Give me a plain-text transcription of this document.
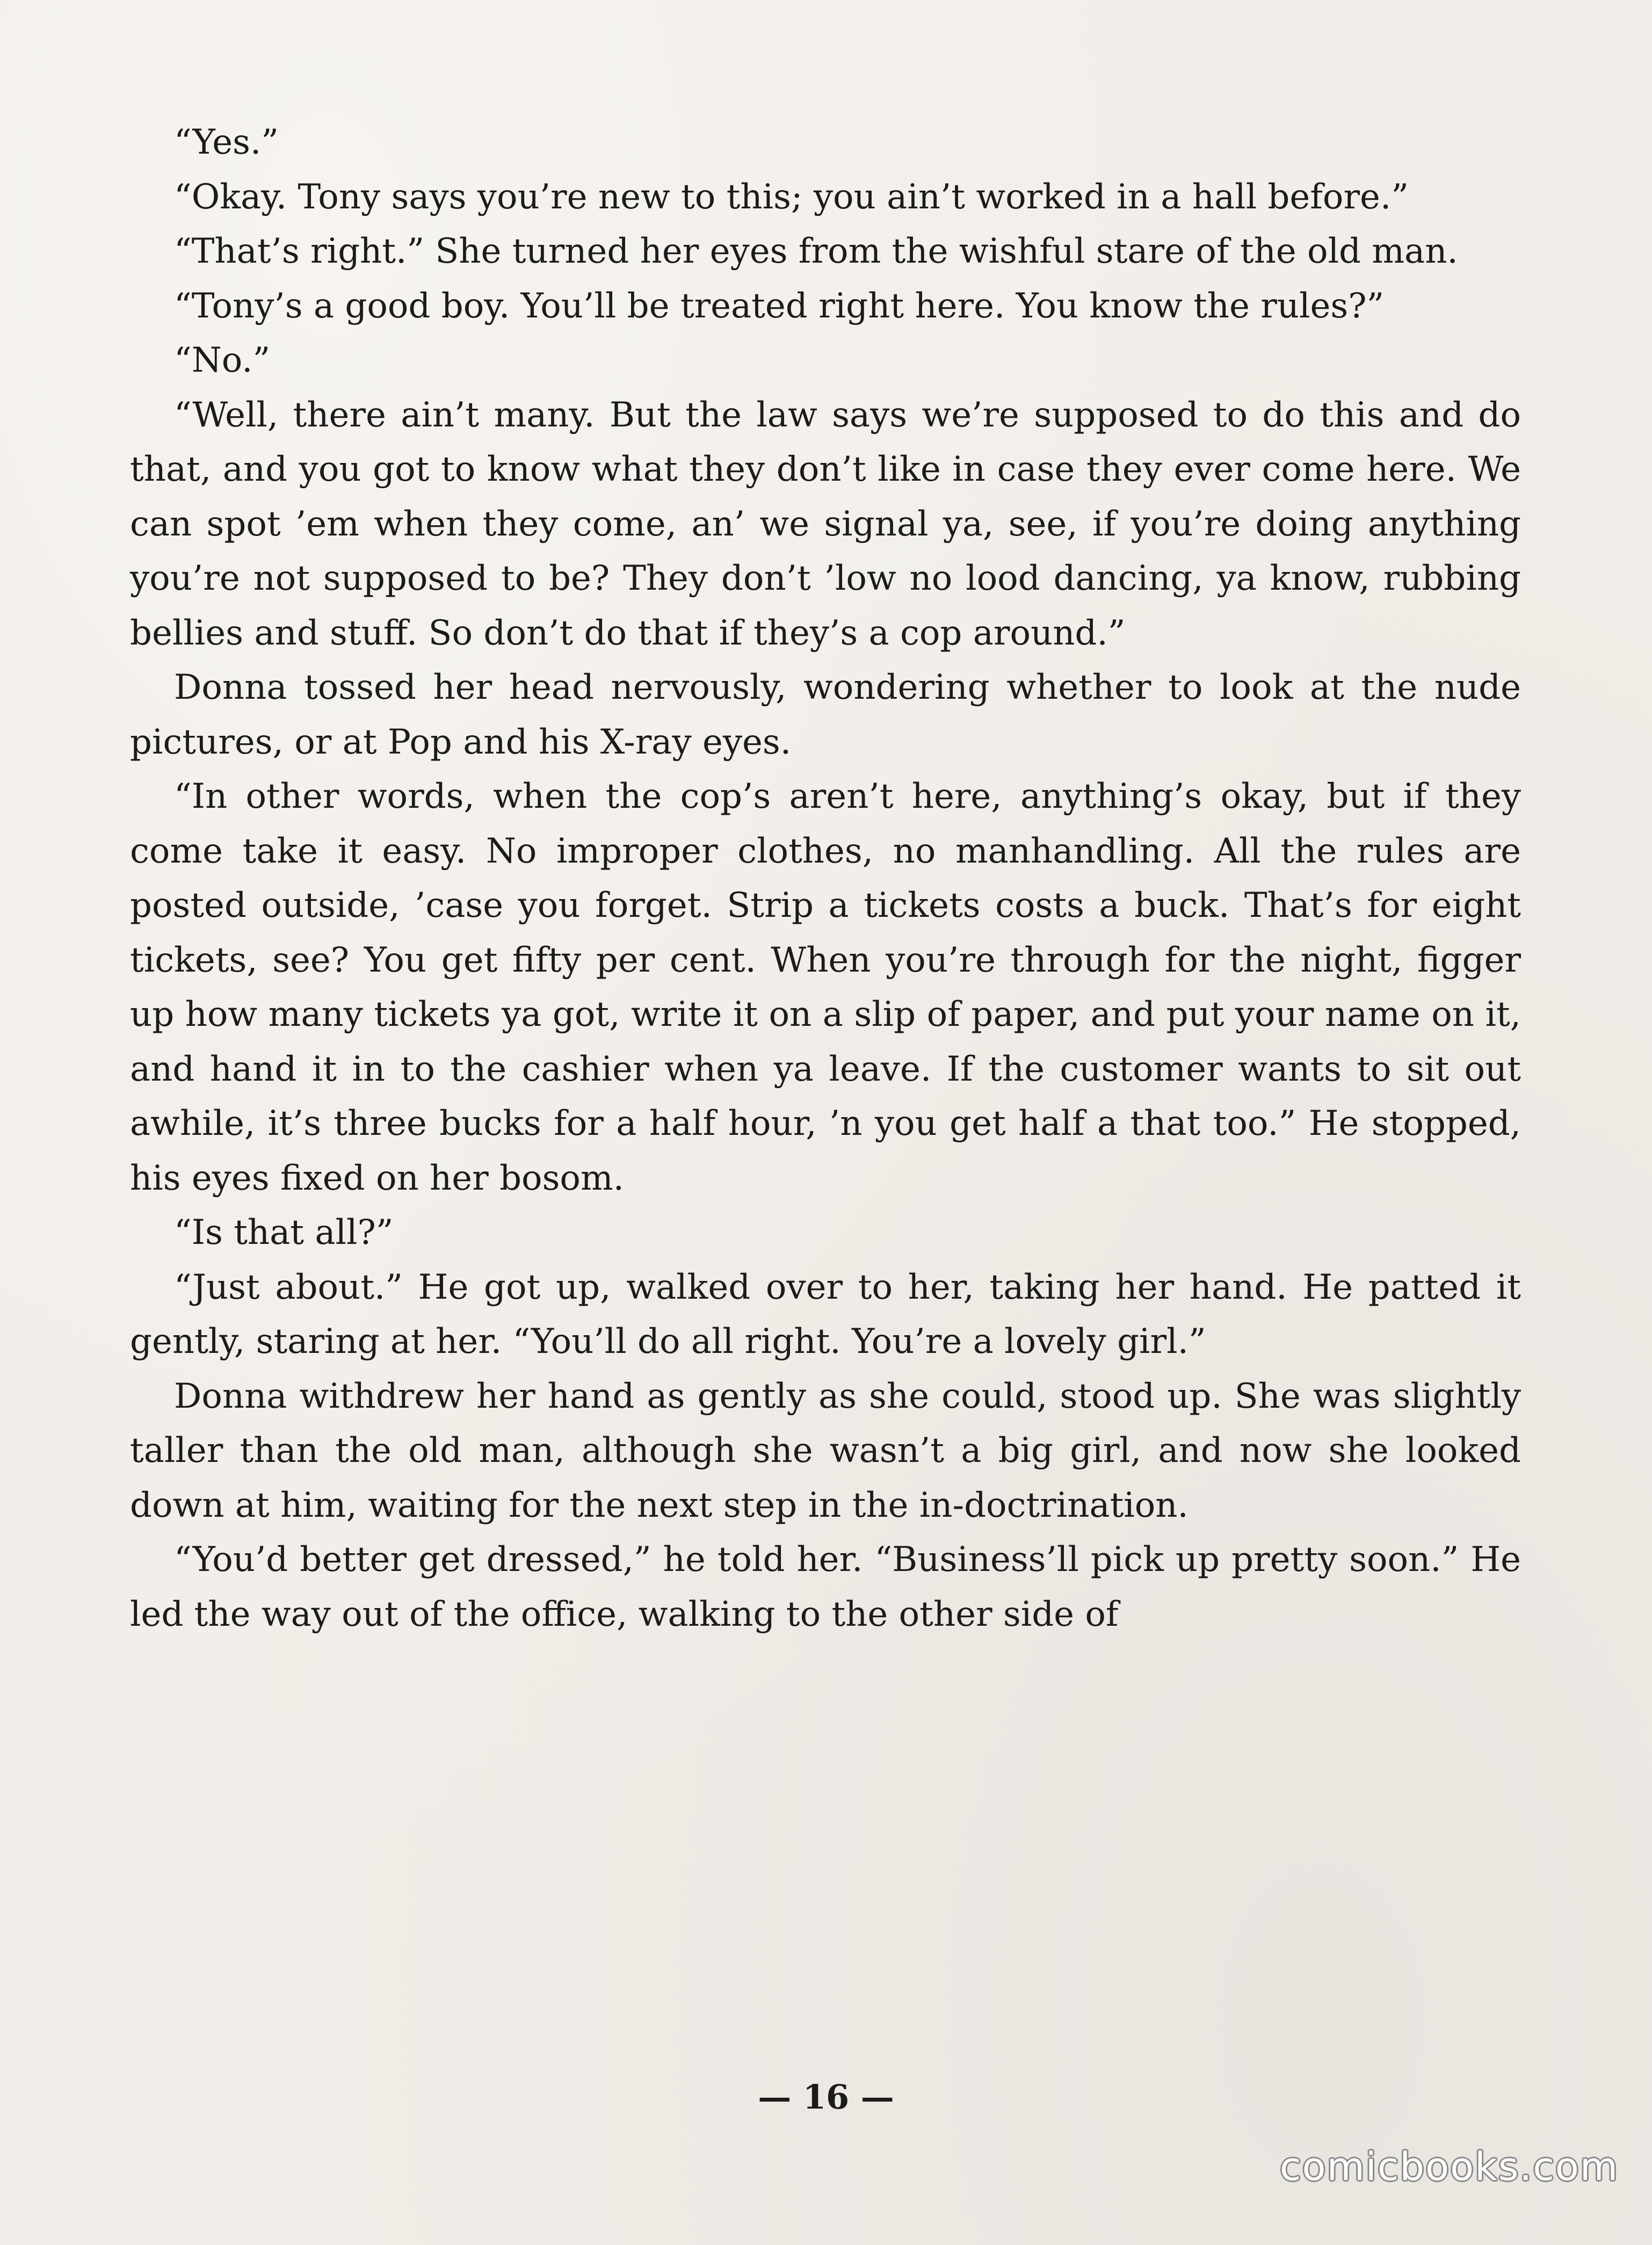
“Yes.”

“Okay. Tony says you’re new to this; you ain’t worked in a hall before.”

“That’s right.” She turned her eyes from the wishful stare of the old man.

“Tony’s a good boy. You’ll be treated right here. You know the rules?”

“No.”

“Well, there ain’t many. But the law says we’re supposed to do this and do that, and you got to know what they don’t like in case they ever come here. We can spot ’em when they come, an’ we signal ya, see, if you’re doing anything you’re not supposed to be? They don’t ’low no lood dancing, ya know, rubbing bellies and stuff. So don’t do that if they’s a cop around.”

Donna tossed her head nervously, wondering whether to look at the nude pictures, or at Pop and his X-ray eyes.

“In other words, when the cop’s aren’t here, anything’s okay, but if they come take it easy. No improper clothes, no manhandling. All the rules are posted outside, ’case you forget. Strip a tickets costs a buck. That’s for eight tickets, see? You get fifty per cent. When you’re through for the night, figger up how many tickets ya got, write it on a slip of paper, and put your name on it, and hand it in to the cashier when ya leave. If the customer wants to sit out awhile, it’s three bucks for a half hour, ’n you get half a that too.” He stopped, his eyes fixed on her bosom.

“Is that all?”

“Just about.” He got up, walked over to her, taking her hand. He patted it gently, staring at her. “You’ll do all right. You’re a lovely girl.”

Donna withdrew her hand as gently as she could, stood up. She was slightly taller than the old man, although she wasn’t a big girl, and now she looked down at him, waiting for the next step in the in-doctrination.

“You’d better get dressed,” he told her. “Business’ll pick up pretty soon.” He led the way out of the office, walking to the other side of

— 16 —
comicbooks.com
